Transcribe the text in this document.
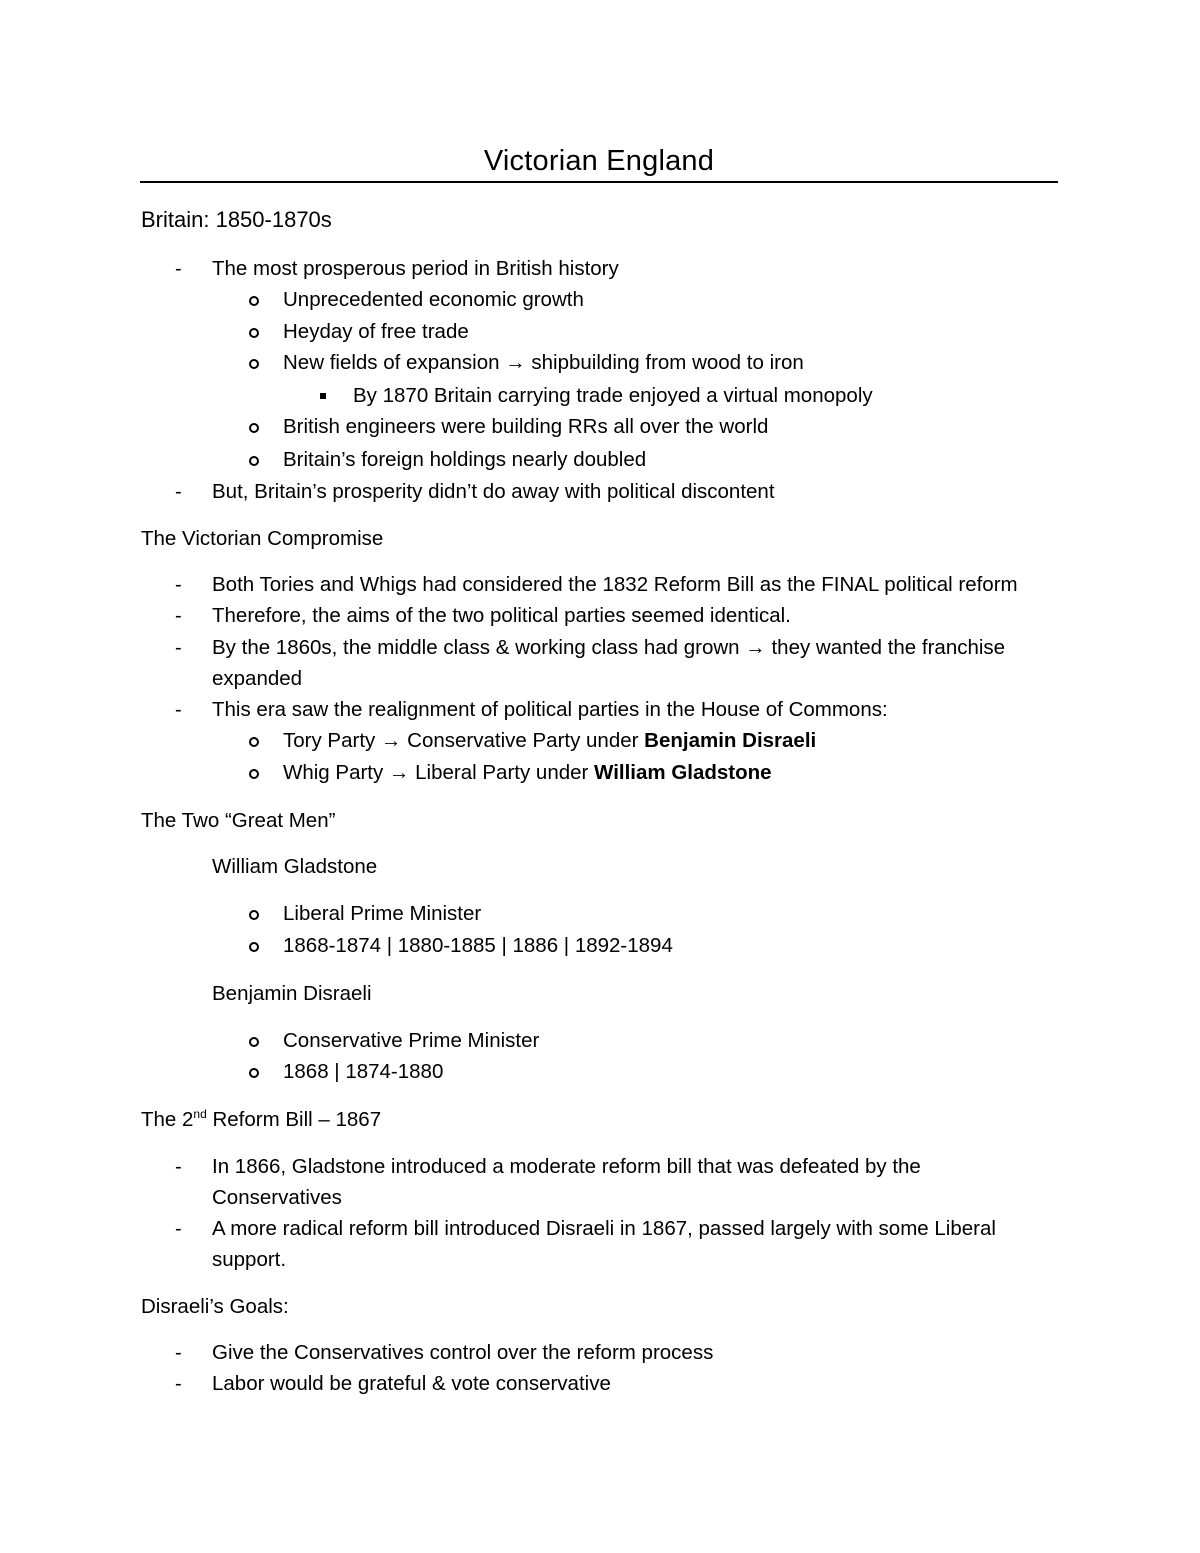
Victorian England
Britain: 1850-1870s
- The most prosperous period in British history
Unprecedented economic growth
Heyday of free trade
New fields of expansion → shipbuilding from wood to iron
By 1870 Britain carrying trade enjoyed a virtual monopoly
British engineers were building RRs all over the world
Britain’s foreign holdings nearly doubled
- But, Britain’s prosperity didn’t do away with political discontent
The Victorian Compromise
- Both Tories and Whigs had considered the 1832 Reform Bill as the FINAL political reform
- Therefore, the aims of the two political parties seemed identical.
- By the 1860s, the middle class & working class had grown → they wanted the franchise
expanded
- This era saw the realignment of political parties in the House of Commons:
Tory Party → Conservative Party under Benjamin Disraeli
Whig Party → Liberal Party under William Gladstone
The Two “Great Men”
William Gladstone
Liberal Prime Minister
1868-1874 | 1880-1885 | 1886 | 1892-1894
Benjamin Disraeli
Conservative Prime Minister
1868 | 1874-1880
The 2nd Reform Bill – 1867
- In 1866, Gladstone introduced a moderate reform bill that was defeated by the
Conservatives
- A more radical reform bill introduced Disraeli in 1867, passed largely with some Liberal
support.
Disraeli’s Goals:
- Give the Conservatives control over the reform process
- Labor would be grateful & vote conservative
